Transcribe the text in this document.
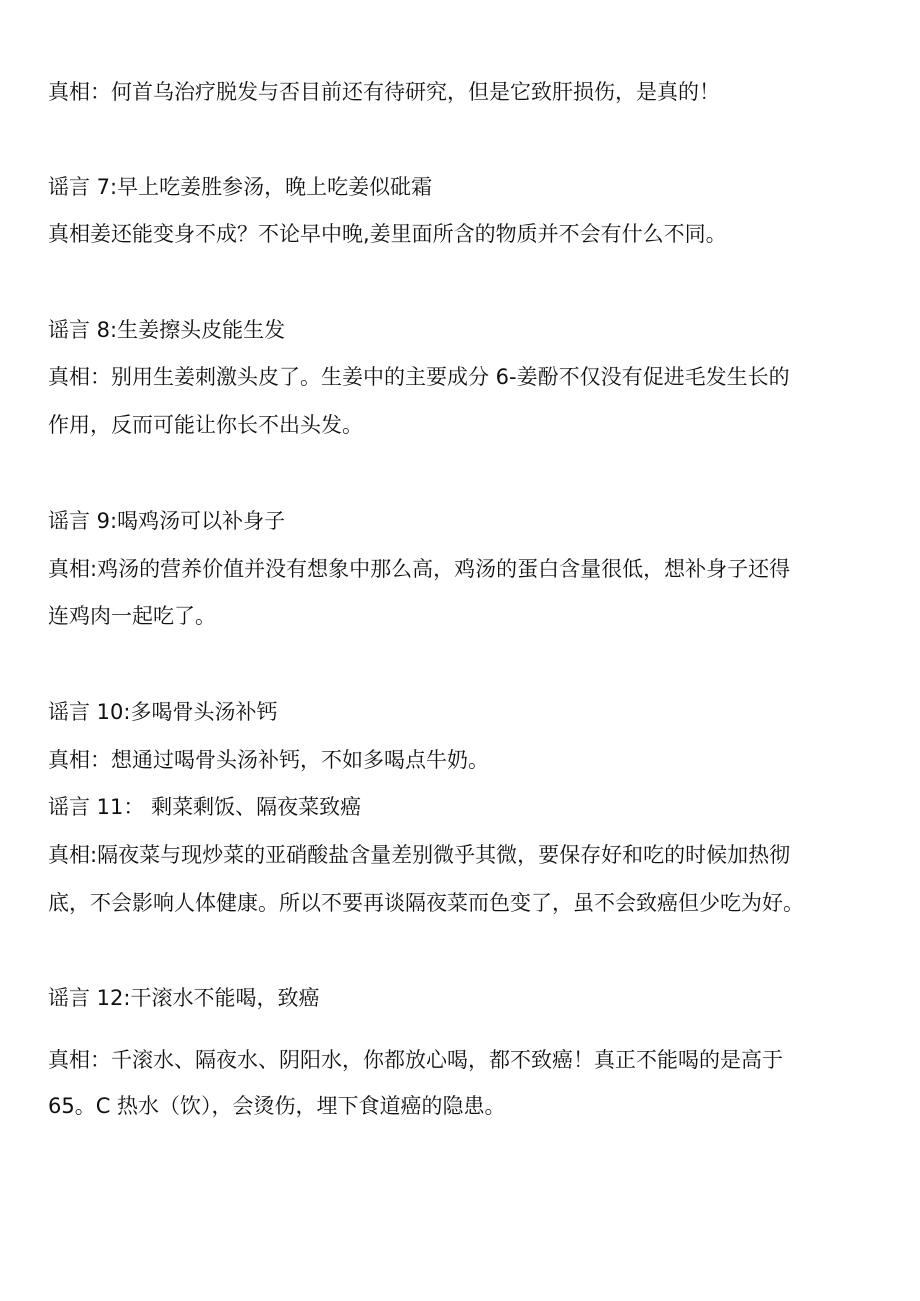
真相：何首乌治疗脱发与否目前还有待研究，但是它致肝损伤，是真的！
谣言 7:早上吃姜胜参汤，晚上吃姜似砒霜
真相姜还能变身不成？不论早中晚,姜里面所含的物质并不会有什么不同。
谣言 8:生姜擦头皮能生发
真相：别用生姜刺激头皮了。生姜中的主要成分 6-姜酚不仅没有促进毛发生长的
作用，反而可能让你长不出头发。
谣言 9:喝鸡汤可以补身子
真相:鸡汤的营养价值并没有想象中那么高，鸡汤的蛋白含量很低，想补身子还得
连鸡肉一起吃了。
谣言 10:多喝骨头汤补钙
真相：想通过喝骨头汤补钙，不如多喝点牛奶。
谣言 11： 剩菜剩饭、隔夜菜致癌
真相:隔夜菜与现炒菜的亚硝酸盐含量差别微乎其微，要保存好和吃的时候加热彻
底，不会影响人体健康。所以不要再谈隔夜菜而色变了，虽不会致癌但少吃为好。
谣言 12:干滚水不能喝，致癌
真相：千滚水、隔夜水、阴阳水，你都放心喝，都不致癌！真正不能喝的是高于
65。C 热水（饮），会烫伤，埋下食道癌的隐患。
